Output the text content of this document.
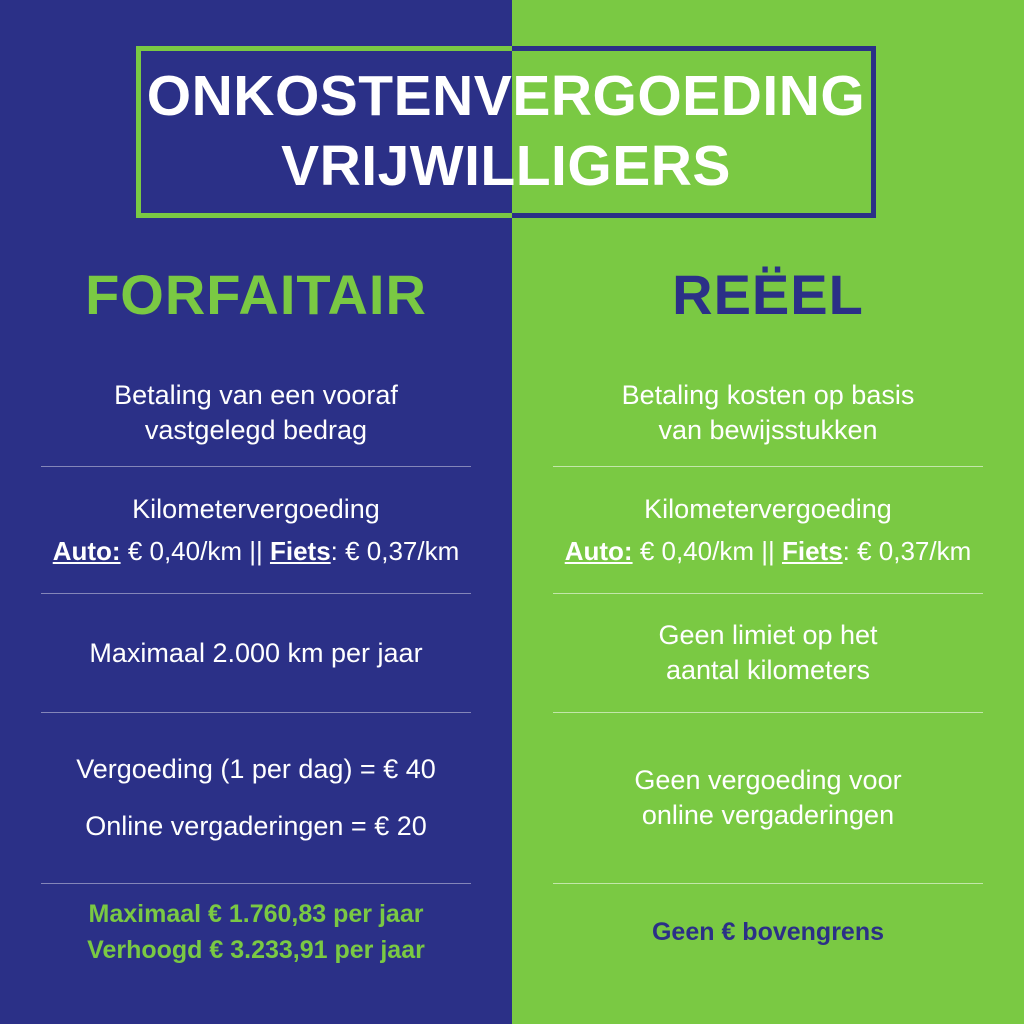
FORFAITAIR

Betaling van een vooraf

vastgelegd bedrag

Kilometervergoeding

Auto: € 0,40/km || Fiets: € 0,37/km

Maximaal 2.000 km per jaar

Vergoeding (1 per dag) = € 40

Online vergaderingen = € 20

Maximaal € 1.760,83 per jaar

Verhoogd € 3.233,91 per jaar

REËEL

Betaling kosten op basis

van bewijsstukken

Kilometervergoeding

Auto: € 0,40/km || Fiets: € 0,37/km

Geen limiet op het

aantal kilometers

Geen vergoeding voor

online vergaderingen

Geen € bovengrens

ONKOSTENVERGOEDING
VRIJWILLIGERS
